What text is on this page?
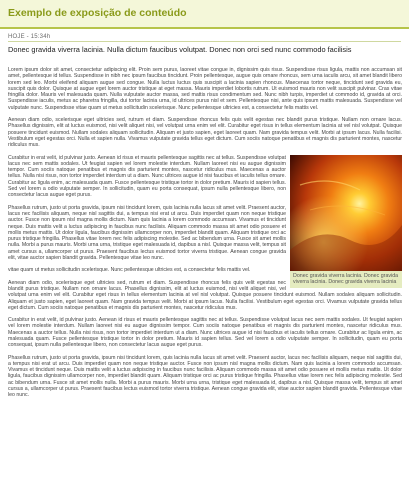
Exemplo de exposição de conteúdo
HOJE - 15:34h
Donec gravida viverra lacinia. Nulla dictum faucibus volutpat. Donec non orci sed nunc commodo facilisis

Lorem ipsum dolor sit amet, consectetur adipiscing elit. Proin sem purus, laoreet vitae congue in, dignissim quis risus. Suspendisse risus ligula, mattis non accumsan sit amet, pellentesque id tellus. Suspendisse in nibh nec ipsum faucibus tincidunt. Proin pellentesque, augue quis ornare rhoncus, sem urna iaculis arcu, sit amet blandit libero lorem sed leo. Morbi eleifend aliquam augue sed congue. Nulla luctus luctus quis suscipit a lacinia sapien rhoncus. Maecenas tortor neque, tincidunt sed gravida eu, suscipit quis dolor. Quisque at augue eget lorem auctor tristique at eget massa. Mauris imperdiet lobortis rutrum. Ut euismod mauris non velit suscipit pulvinar. Cras vitae fringilla dolor. Mauris vel malesuada quam. Nulla vulputate auctor massa, sed mattis risus condimentum sed. Nunc nibh turpis, imperdiet ut commodo id, gravida at orci. Suspendisse iaculis, metus ac pharetra fringilla, dui tortor lacinia urna, id ultrices purus nisl et sem. Pellentesque nisi, ante quis ipsum mattis malesuada. Suspendisse vel vulputate nunc. Suspendisse vitae quam ut metus sollicitudin scelerisque. Nunc pellentesque ultricies est, a consectetur felis mattis vel.

Aenean diam odio, scelerisque eget ultricies sed, rutrum et diam. Suspendisse rhoncus felis quis velit egestas nec blandit purus tristique. Nullam non ornare lacus. Phasellus dignissim, elit at luctus euismod, nisi velit aliquet nisi, vel volutpat urna enim vel elit. Curabitur eget risus in tellus elementum lacinia at vel nisl volutpat. Quisque posuere tincidunt euismod. Nullam sodales aliquam sollicitudin. Aliquam et justo sapien, eget laoreet quam. Nam gravida tempus velit. Morbi at ipsum lacus. Nulla facilisi. Vestibulum eget egestas orci. Nulla et sapien nulla. Vivamus vulputate gravida tellus eget dictum. Cum sociis natoque penatibus et magnis dis parturient montes, nascetur ridiculus mus.

Donec gravida viverra lacinia. Donec gravida viverra lacinia. Donec gravida viverra lacinia

Curabitur in erat velit, id pulvinar justo. Aenean id risus et mauris pellentesque sagittis nec at tellus. Suspendisse volutpat lacus nec sem mattis sodales. Ut feugiat sapien vel lorem molestie interdum. Nullam laoreet nisi eu augue dignissim tempor. Cum sociis natoque penatibus et magnis dis parturient montes, nascetur ridiculus mus. Maecenas a auctor tellus. Nulla nisi risus, non tortor imperdiet interdum ut a diam. Nunc ultrices augue id nisi faucibus et iaculis tellus ornare. Curabitur ac ligula enim, ac malesuada quam. Fusce pellentesque tristique tortor in dolor pretium. Mauris id sapien tellus. Sed vel lorem a odio vulputate semper. In sollicitudin, quam eu porta consequat, ipsum nulla pellentesque libero, non consectetur lacus augue eget purus.

Phasellus rutrum, justo ut porta gravida, ipsum nisi tincidunt lorem, quis lacinia nulla lacus sit amet velit. Praesent auctor, lacus nec facilisis aliquam, neque nisl sagittis dui, a tempus nisi erat ut arcu. Duis imperdiet quam non neque tristique auctor. Fusce non ipsum nisl magna mollis dictum. Nam quis lacinia a lorem commodo accumsan. Vivamus et tincidunt neque. Duis mattis velit a luctus adipiscing in faucibus nunc facilisis. Aliquam commodo massa sit amet odio posuere et mollis metus mattis. Ut dolor ligula, faucibus dignissim ullamcorper non, imperdiet blandit quam. Aliquam tristique orci ac purus tristique fringilla. Phasellus vitae lorem nec felis adipiscing molestie. Sed ac bibendum urna. Fusce sit amet mollis nulla. Morbi a purus mauris. Morbi urna urna, tristique eget malesuada id, dapibus a nisl. Quisque massa velit, tempus sit amet cursus a, ullamcorper ut purus. Praesent faucibus lectus euismod tortor viverra tristique. Aenean congue gravida elit, vitae auctor sapien blandit gravida. Pellentesque vitae leo nunc.

vitae quam ut metus sollicitudin scelerisque. Nunc pellentesque ultricies est, a consectetur felis mattis vel.

Aenean diam odio, scelerisque eget ultricies sed, rutrum et diam. Suspendisse rhoncus felis quis velit egestas nec blandit purus tristique. Nullam non ornare lacus. Phasellus dignissim, elit at luctus euismod, nisi velit aliquet nisi, vel volutpat urna enim vel elit. Curabitur eget risus in tellus elementum lacinia at vel nisl volutpat. Quisque posuere tincidunt euismod. Nullam sodales aliquam sollicitudin. Aliquam et justo sapien, eget laoreet quam. Nam gravida tempus velit. Morbi at ipsum lacus. Nulla facilisi. Vestibulum eget egestas orci. Vivamus vulputate gravida tellus eget dictum. Cum sociis natoque penatibus et magnis dis parturient montes, nascetur ridiculus mus.

Curabitur in erat velit, id pulvinar justo. Aenean id risus et mauris pellentesque sagittis nec at tellus. Suspendisse volutpat lacus nec sem mattis sodales. Ut feugiat sapien vel lorem molestie interdum. Nullam laoreet nisi eu augue dignissim tempor. Cum sociis natoque penatibus et magnis dis parturient montes, nascetur ridiculus mus. Maecenas a auctor tellus. Nulla nisi risus, non tortor imperdiet interdum ut a diam. Nunc ultrices augue id nisi faucibus et iaculis tellus ornare. Curabitur ac ligula enim, ac malesuada quam. Fusce pellentesque tristique tortor in dolor pretium. Mauris id sapien tellus. Sed vel lorem a odio vulputate semper. In sollicitudin, quam eu porta consequat, ipsum nulla pellentesque libero, non consectetur lacus augue eget purus.

Phasellus rutrum, justo ut porta gravida, ipsum nisi tincidunt lorem, quis lacinia nulla lacus sit amet velit. Praesent auctor, lacus nec facilisis aliquam, neque nisl sagittis dui, a tempus nisi erat ut arcu. Duis imperdiet quam non neque tristique auctor. Fusce non ipsum nisl magna mollis dictum. Nam quis lacinia a lorem commodo accumsan. Vivamus et tincidunt neque. Duis mattis velit a luctus adipiscing in faucibus nunc facilisis. Aliquam commodo massa sit amet odio posuere et mollis metus mattis. Ut dolor ligula, faucibus dignissim ullamcorper non, imperdiet blandit quam. Aliquam tristique orci ac purus tristique fringilla. Phasellus vitae lorem nec felis adipiscing molestie. Sed ac bibendum urna. Fusce sit amet mollis nulla. Morbi a purus mauris. Morbi urna urna, tristique eget malesuada id, dapibus a nisl. Quisque massa velit, tempus sit amet cursus a, ullamcorper ut purus. Praesent faucibus lectus euismod tortor viverra tristique. Aenean congue gravida elit, vitae auctor sapien blandit gravida. Pellentesque vitae leo nunc.
